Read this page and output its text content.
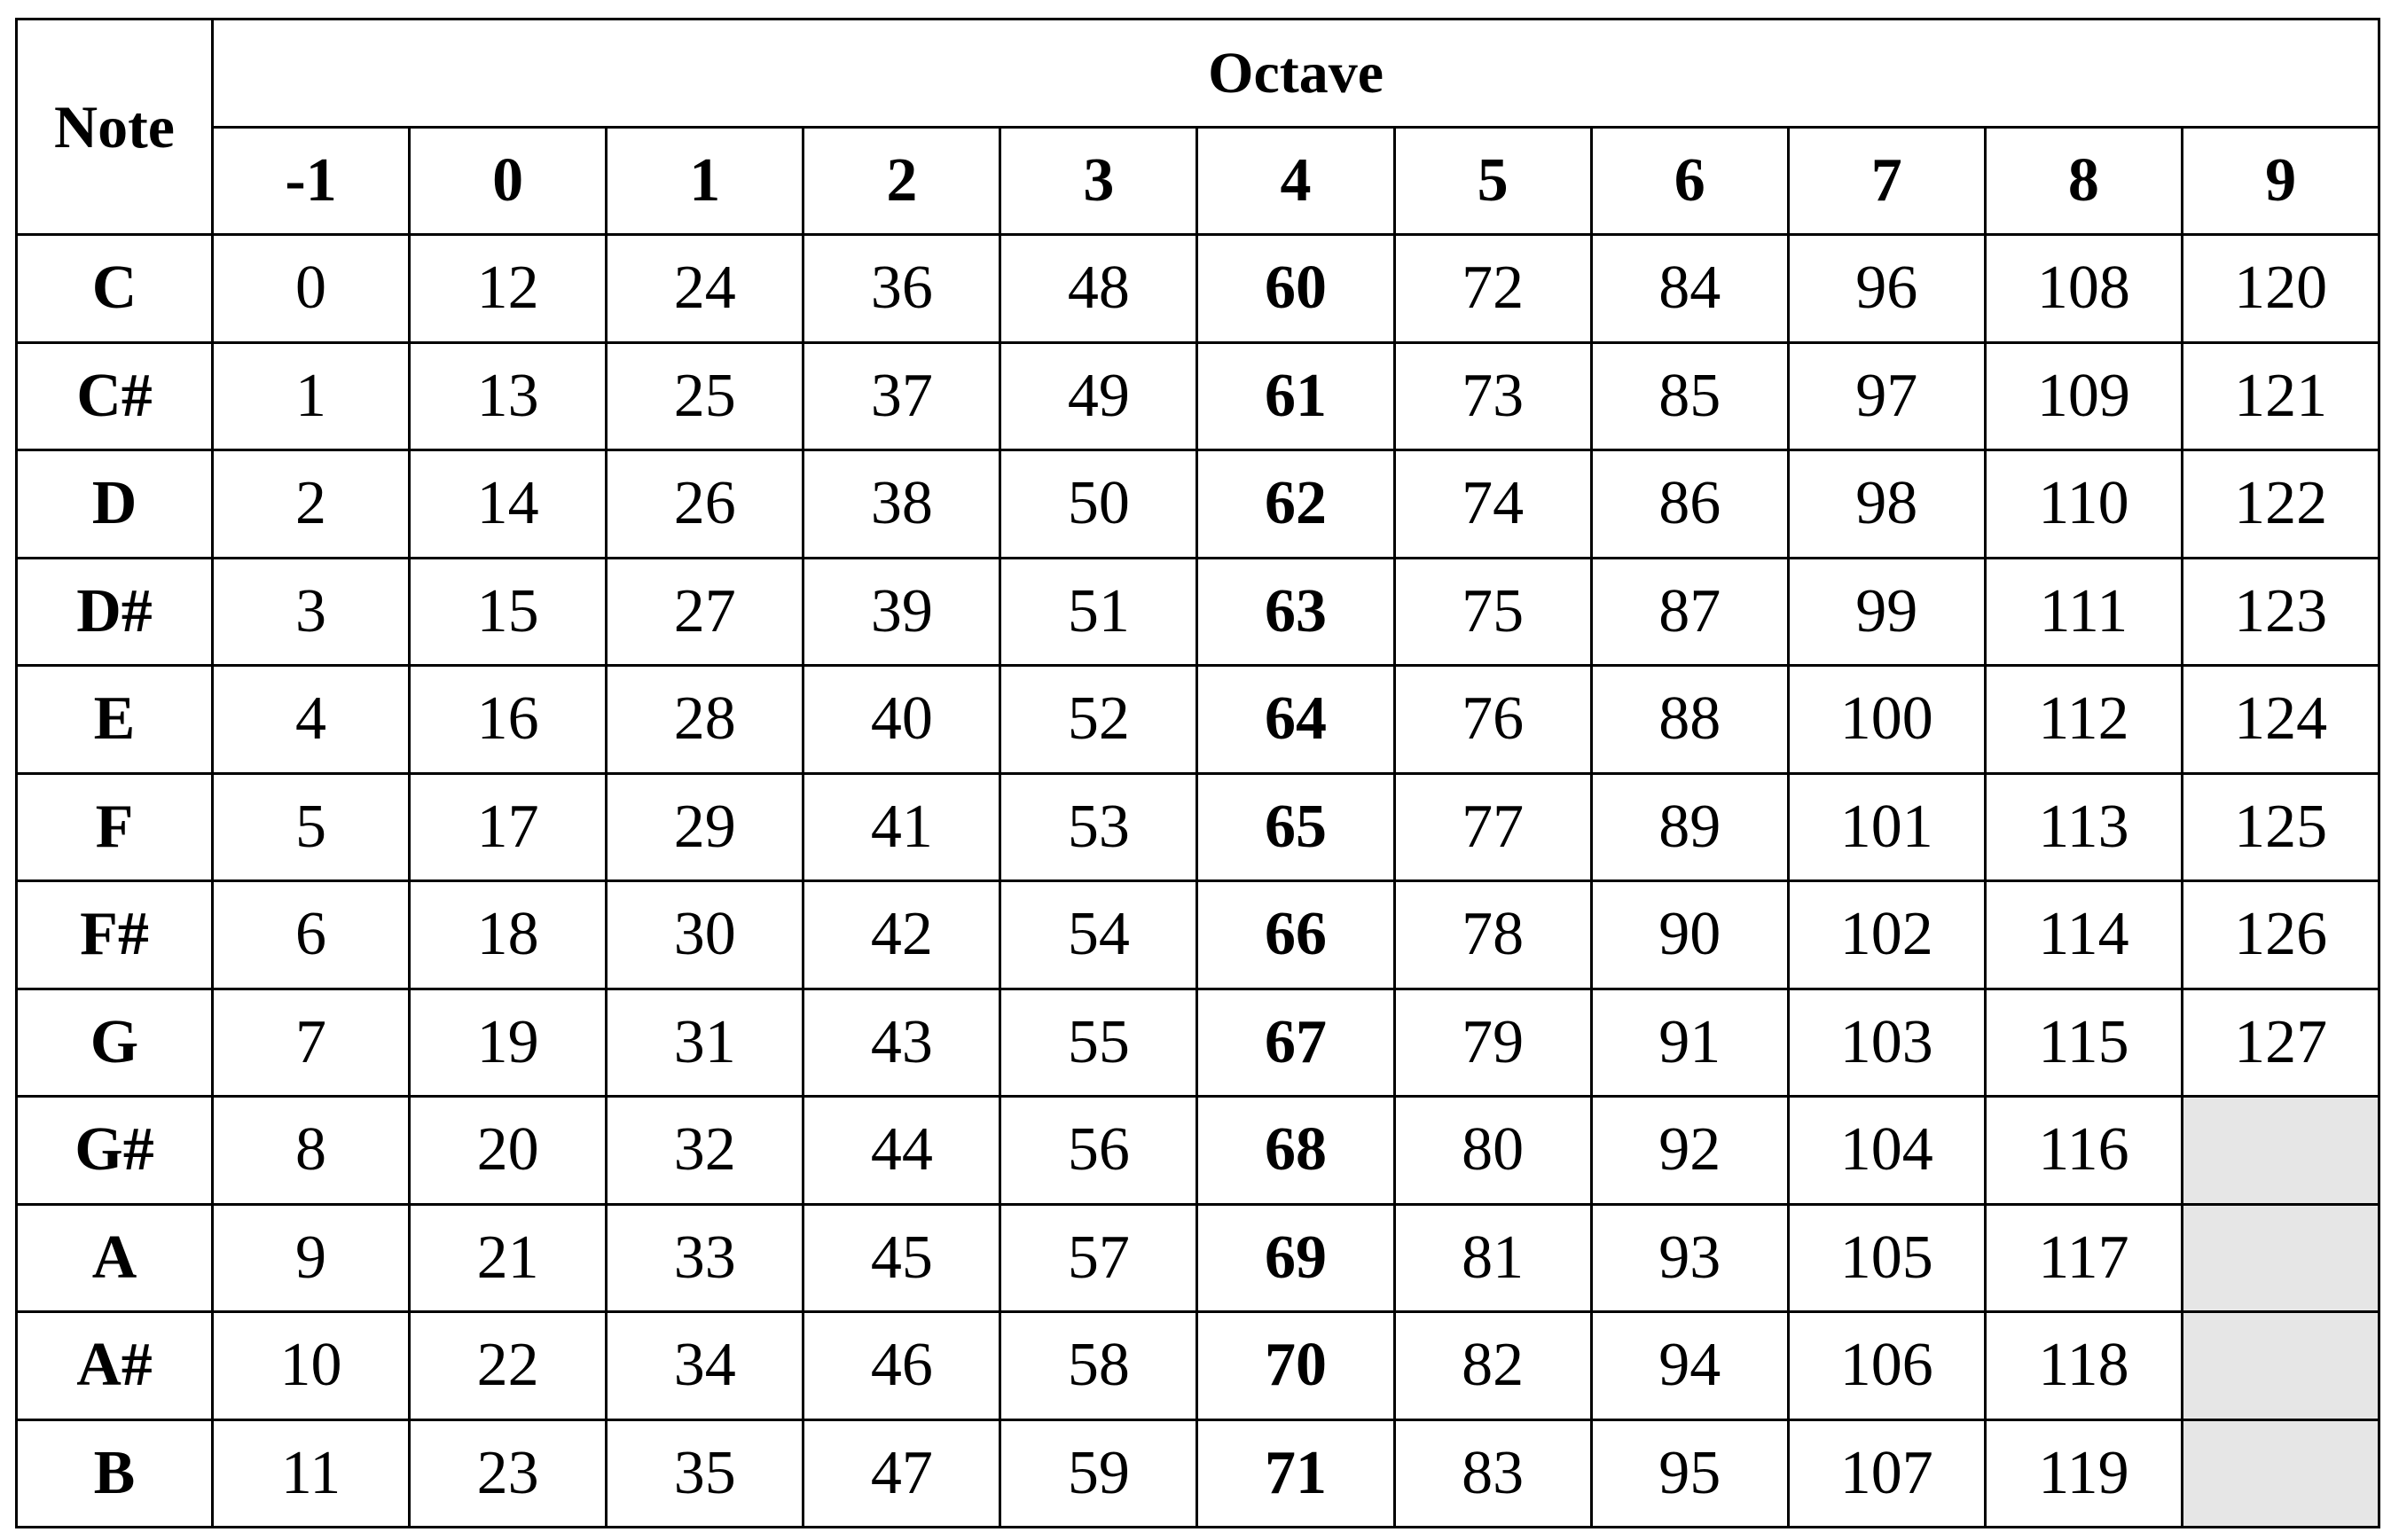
Note	Octave										
	-1	0	1	2	3	4	5	6	7	8	9
C	0	12	24	36	48	60	72	84	96	108	120
C#	1	13	25	37	49	61	73	85	97	109	121
D	2	14	26	38	50	62	74	86	98	110	122
D#	3	15	27	39	51	63	75	87	99	111	123
E	4	16	28	40	52	64	76	88	100	112	124
F	5	17	29	41	53	65	77	89	101	113	125
F#	6	18	30	42	54	66	78	90	102	114	126
G	7	19	31	43	55	67	79	91	103	115	127
G#	8	20	32	44	56	68	80	92	104	116	
A	9	21	33	45	57	69	81	93	105	117	
A#	10	22	34	46	58	70	82	94	106	118	
B	11	23	35	47	59	71	83	95	107	119	
